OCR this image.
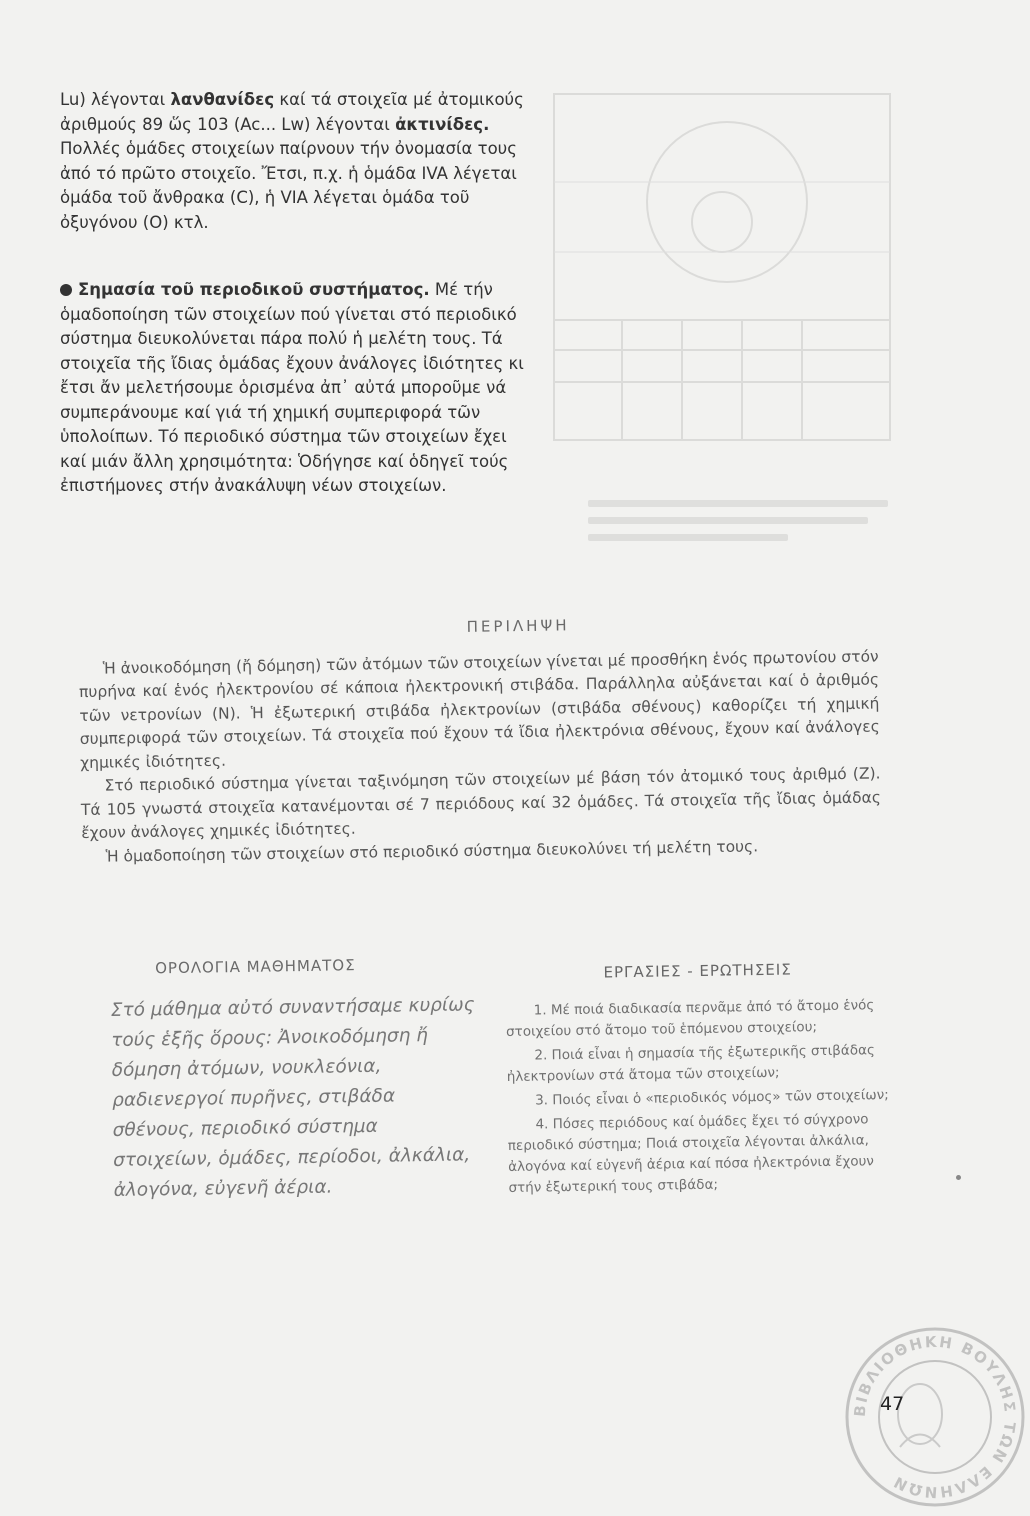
Lu) λέγονται λανθανίδες καί τά στοιχεῖα μέ ἀτομικούς ἀριθμούς 89 ὥς 103 (Ac... Lw) λέγονται ἀκτινίδες. Πολλές ὁμάδες στοιχείων παίρνουν τήν ὀνομασία τους ἀπό τό πρῶτο στοιχεῖο. Ἔτσι, π.χ. ἡ ὁμάδα IVA λέγεται ὁμάδα τοῦ ἄνθρακα (C), ἡ VIA λέγεται ὁμάδα τοῦ ὀξυγόνου (O) κτλ.

Σημασία τοῦ περιοδικοῦ συστήματος. Μέ τήν ὁμαδοποίηση τῶν στοιχείων πού γίνεται στό περιοδικό σύστημα διευκολύνεται πάρα πολύ ἡ μελέτη τους. Τά στοιχεῖα τῆς ἴδιας ὁμάδας ἔχουν ἀνάλογες ἰδιότητες κι ἔτσι ἄν μελετήσουμε ὁρισμένα ἀπ᾽ αὐτά μποροῦμε νά συμπεράνουμε καί γιά τή χημική συμπεριφορά τῶν ὑπολοίπων. Τό περιοδικό σύστημα τῶν στοιχείων ἔχει καί μιάν ἄλλη χρησιμότητα: Ὁδήγησε καί ὁδηγεῖ τούς ἐπιστήμονες στήν ἀνακάλυψη νέων στοιχείων.

ΠΕΡΙΛΗΨΗ

Ἡ ἀνοικοδόμηση (ἤ δόμηση) τῶν ἀτόμων τῶν στοιχείων γίνεται μέ προσθήκη ἑνός πρωτονίου στόν πυρήνα καί ἑνός ἠλεκτρονίου σέ κάποια ἠλεκτρονική στιβάδα. Παράλληλα αὐξάνεται καί ὁ ἀριθμός τῶν νετρονίων (N). Ἡ ἐξωτερική στιβάδα ἠλεκτρονίων (στιβάδα σθένους) καθορίζει τή χημική συμπεριφορά τῶν στοιχείων. Τά στοιχεῖα πού ἔχουν τά ἴδια ἠλεκτρόνια σθένους, ἔχουν καί ἀνάλογες χημικές ἰδιότητες.

Στό περιοδικό σύστημα γίνεται ταξινόμηση τῶν στοιχείων μέ βάση τόν ἀτομικό τους ἀριθμό (Z). Τά 105 γνωστά στοιχεῖα κατανέμονται σέ 7 περιόδους καί 32 ὁμάδες. Τά στοιχεῖα τῆς ἴδιας ὁμάδας ἔχουν ἀνάλογες χημικές ἰδιότητες.

Ἡ ὁμαδοποίηση τῶν στοιχείων στό περιοδικό σύστημα διευκολύνει τή μελέτη τους.

ΟΡΟΛΟΓΙΑ ΜΑΘΗΜΑΤΟΣ
Στό μάθημα αὐτό συναντήσαμε κυρίως τούς ἑξῆς ὅρους: Ἀνοικοδόμηση ἤ δόμηση ἀτόμων, νουκλεόνια, ραδιενεργοί πυρῆνες, στιβάδα σθένους, περιοδικό σύστημα στοιχείων, ὁμάδες, περίοδοι, ἀλκάλια, ἀλογόνα, εὐγενῆ ἀέρια.
ΕΡΓΑΣΙΕΣ - ΕΡΩΤΗΣΕΙΣ

1. Μέ ποιά διαδικασία περνᾶμε ἀπό τό ἄτομο ἑνός στοιχείου στό ἄτομο τοῦ ἑπόμενου στοιχείου;

2. Ποιά εἶναι ἡ σημασία τῆς ἐξωτερικῆς στιβάδας ἠλεκτρονίων στά ἄτομα τῶν στοιχείων;

3. Ποιός εἶναι ὁ «περιοδικός νόμος» τῶν στοιχείων;

4. Πόσες περιόδους καί ὁμάδες ἔχει τό σύγχρονο περιοδικό σύστημα; Ποιά στοιχεῖα λέγονται ἀλκάλια, ἀλογόνα καί εὐγενῆ ἀέρια καί πόσα ἠλεκτρόνια ἔχουν στήν ἐξωτερική τους στιβάδα;

ΒΙΒΛΙΟΘΗΚΗ ΒΟΥΛΗΣ ΤΩΝ ΕΛΛΗΝΩΝ
47
